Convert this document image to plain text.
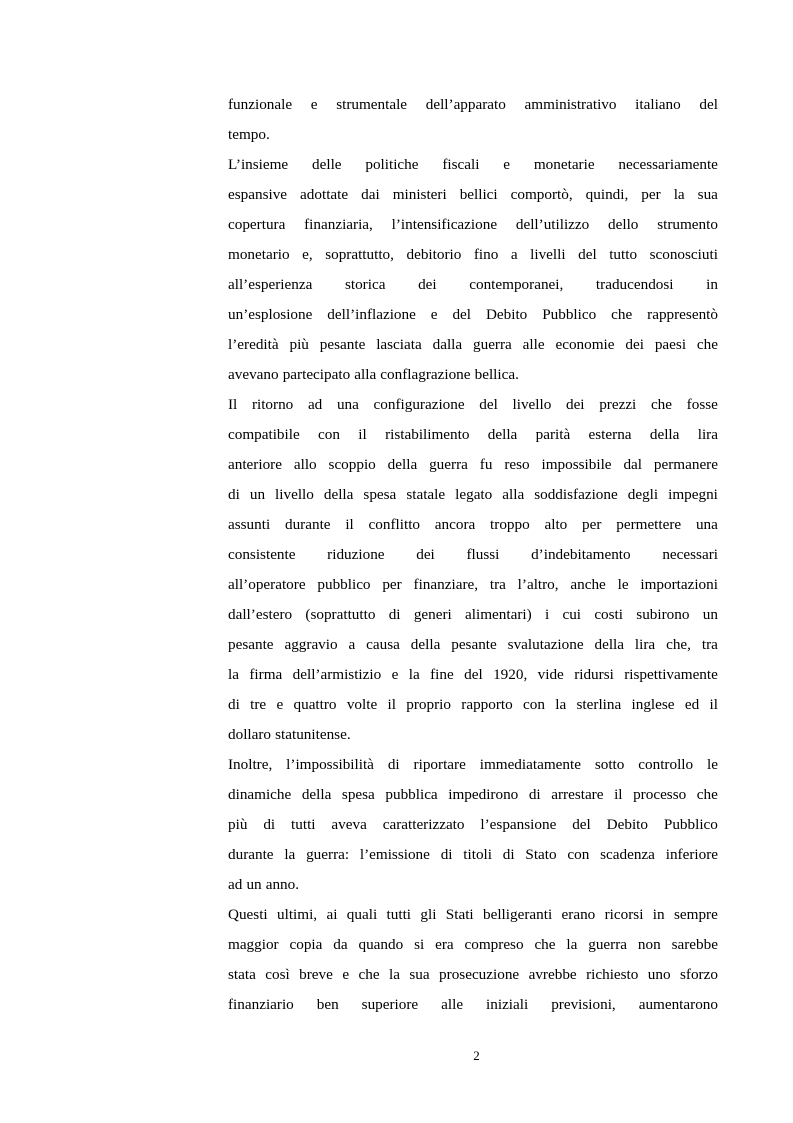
funzionale e strumentale dell’apparato amministrativo italiano del
tempo.
L’insieme delle politiche fiscali e monetarie necessariamente
espansive adottate dai ministeri bellici comportò, quindi, per la sua
copertura finanziaria, l’intensificazione dell’utilizzo dello strumento
monetario e, soprattutto, debitorio fino a livelli del tutto sconosciuti
all’esperienza storica dei contemporanei, traducendosi in
un’esplosione dell’inflazione e del Debito Pubblico che rappresentò
l’eredità più pesante lasciata dalla guerra alle economie dei paesi che
avevano partecipato alla conflagrazione bellica.
Il ritorno ad una configurazione del livello dei prezzi che fosse
compatibile con il ristabilimento della parità esterna della lira
anteriore allo scoppio della guerra fu reso impossibile dal permanere
di un livello della spesa statale legato alla soddisfazione degli impegni
assunti durante il conflitto ancora troppo alto per permettere una
consistente riduzione dei flussi d’indebitamento necessari
all’operatore pubblico per finanziare, tra l’altro, anche le importazioni
dall’estero (soprattutto di generi alimentari) i cui costi subirono un
pesante aggravio a causa della pesante svalutazione della lira che, tra
la firma dell’armistizio e la fine del 1920, vide ridursi rispettivamente
di tre e quattro volte il proprio rapporto con la sterlina inglese ed il
dollaro statunitense.
Inoltre, l’impossibilità di riportare immediatamente sotto controllo le
dinamiche della spesa pubblica impedirono di arrestare il processo che
più di tutti aveva caratterizzato l’espansione del Debito Pubblico
durante la guerra: l’emissione di titoli di Stato con scadenza inferiore
ad un anno.
Questi ultimi, ai quali tutti gli Stati belligeranti erano ricorsi in sempre
maggior copia da quando si era compreso che la guerra non sarebbe
stata così breve e che la sua prosecuzione avrebbe richiesto uno sforzo
finanziario ben superiore alle iniziali previsioni, aumentarono
2
